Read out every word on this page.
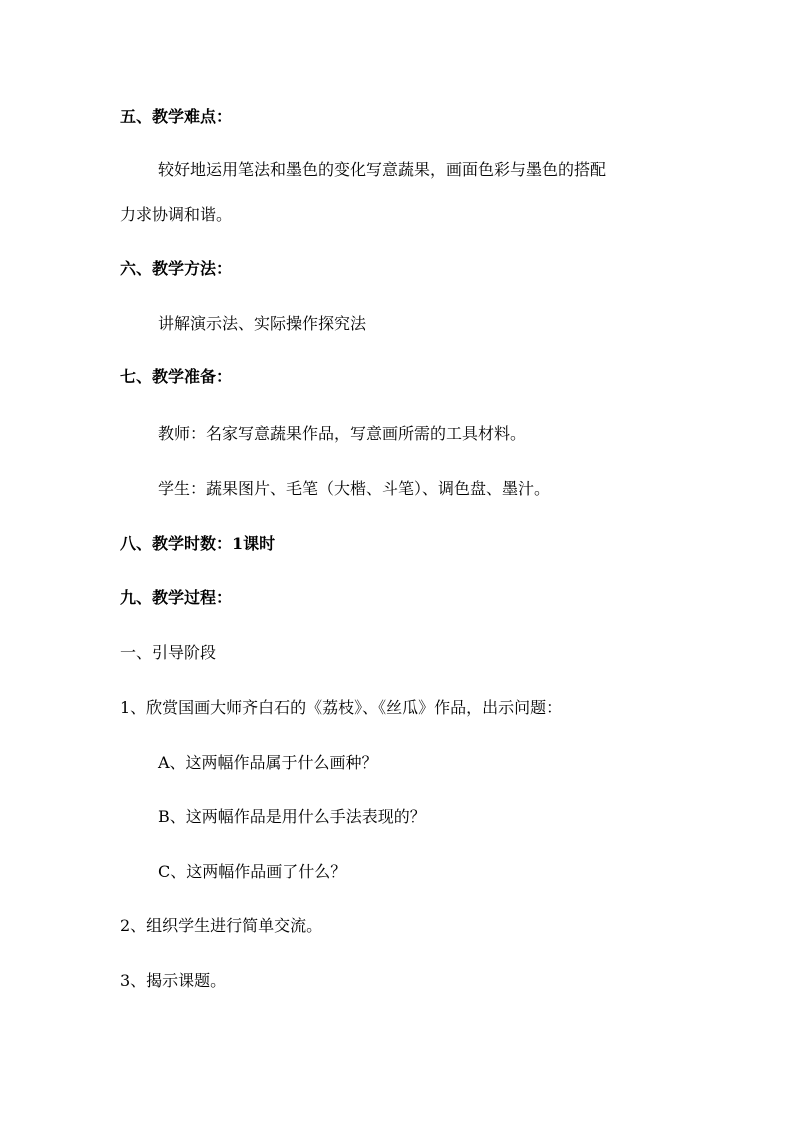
五、教学难点：
较好地运用笔法和墨色的变化写意蔬果，画面色彩与墨色的搭配
力求协调和谐。
六、教学方法：
讲解演示法、实际操作探究法
七、教学准备：
教师：名家写意蔬果作品，写意画所需的工具材料。
学生：蔬果图片、毛笔（大楷、斗笔）、调色盘、墨汁。
八、教学时数：1课时
九、教学过程：
一、引导阶段
1、欣赏国画大师齐白石的《荔枝》、《丝瓜》作品，出示问题：
A、这两幅作品属于什么画种？
B、这两幅作品是用什么手法表现的？
C、这两幅作品画了什么？
2、组织学生进行简单交流。
3、揭示课题。
